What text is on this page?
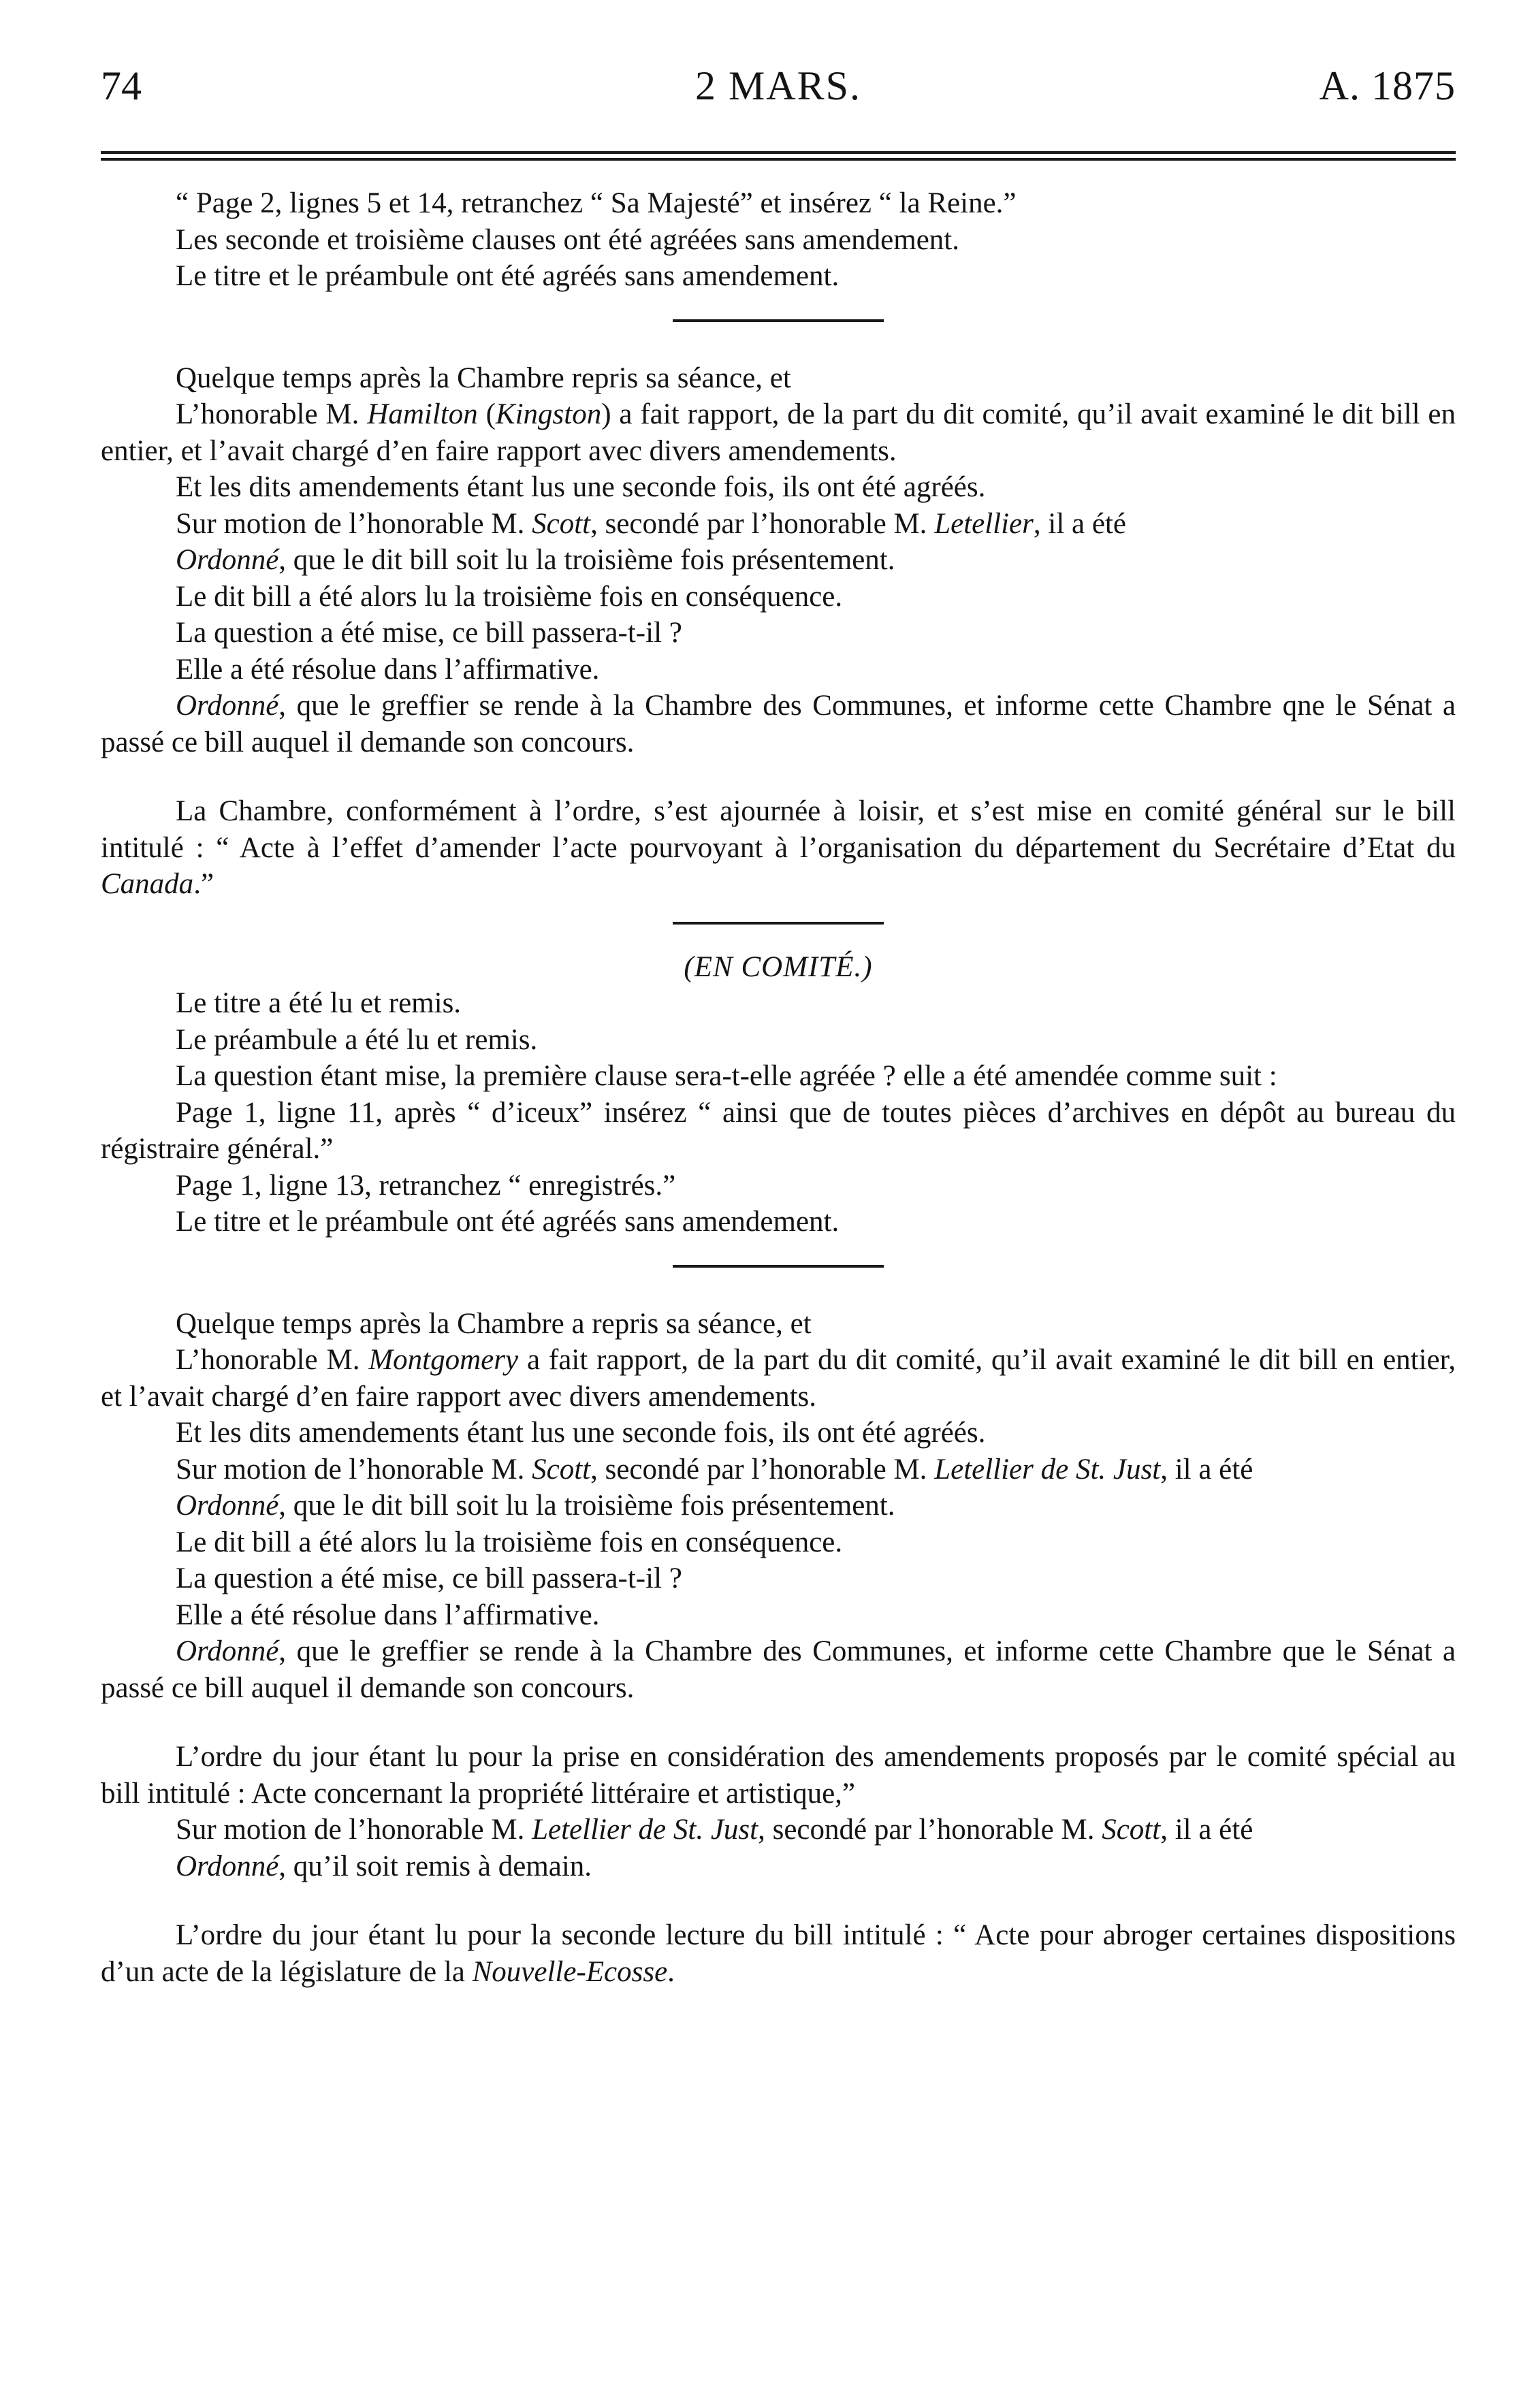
74	2 MARS.	A. 1875

“ Page 2, lignes 5 et 14, retranchez “ Sa Majesté” et insérez “ la Reine.”

Les seconde et troisième clauses ont été agréées sans amendement.

Le titre et le préambule ont été agréés sans amendement.

Quelque temps après la Chambre repris sa séance, et

L’honorable M. Hamilton (Kingston) a fait rapport, de la part du dit comité, qu’il avait examiné le dit bill en entier, et l’avait chargé d’en faire rapport avec divers amendements.

Et les dits amendements étant lus une seconde fois, ils ont été agréés.

Sur motion de l’honorable M. Scott, secondé par l’honorable M. Letellier, il a été

Ordonné, que le dit bill soit lu la troisième fois présentement.

Le dit bill a été alors lu la troisième fois en conséquence.

La question a été mise, ce bill passera-t-il ?

Elle a été résolue dans l’affirmative.

Ordonné, que le greffier se rende à la Chambre des Communes, et informe cette Chambre qne le Sénat a passé ce bill auquel il demande son concours.

La Chambre, conformément à l’ordre, s’est ajournée à loisir, et s’est mise en comité général sur le bill intitulé : “ Acte à l’effet d’amender l’acte pourvoyant à l’organisation du département du Secrétaire d’Etat du Canada.”

(EN COMITÉ.)

Le titre a été lu et remis.

Le préambule a été lu et remis.

La question étant mise, la première clause sera-t-elle agréée ? elle a été amendée comme suit :

Page 1, ligne 11, après “ d’iceux” insérez “ ainsi que de toutes pièces d’archives en dépôt au bureau du régistraire général.”

Page 1, ligne 13, retranchez “ enregistrés.”

Le titre et le préambule ont été agréés sans amendement.

Quelque temps après la Chambre a repris sa séance, et

L’honorable M. Montgomery a fait rapport, de la part du dit comité, qu’il avait examiné le dit bill en entier, et l’avait chargé d’en faire rapport avec divers amendements.

Et les dits amendements étant lus une seconde fois, ils ont été agréés.

Sur motion de l’honorable M. Scott, secondé par l’honorable M. Letellier de St. Just, il a été

Ordonné, que le dit bill soit lu la troisième fois présentement.

Le dit bill a été alors lu la troisième fois en conséquence.

La question a été mise, ce bill passera-t-il ?

Elle a été résolue dans l’affirmative.

Ordonné, que le greffier se rende à la Chambre des Communes, et informe cette Chambre que le Sénat a passé ce bill auquel il demande son concours.

L’ordre du jour étant lu pour la prise en considération des amendements proposés par le comité spécial au bill intitulé : Acte concernant la propriété littéraire et artistique,”

Sur motion de l’honorable M. Letellier de St. Just, secondé par l’honorable M. Scott, il a été

Ordonné, qu’il soit remis à demain.

L’ordre du jour étant lu pour la seconde lecture du bill intitulé : “ Acte pour abroger certaines dispositions d’un acte de la législature de la Nouvelle-Ecosse.
